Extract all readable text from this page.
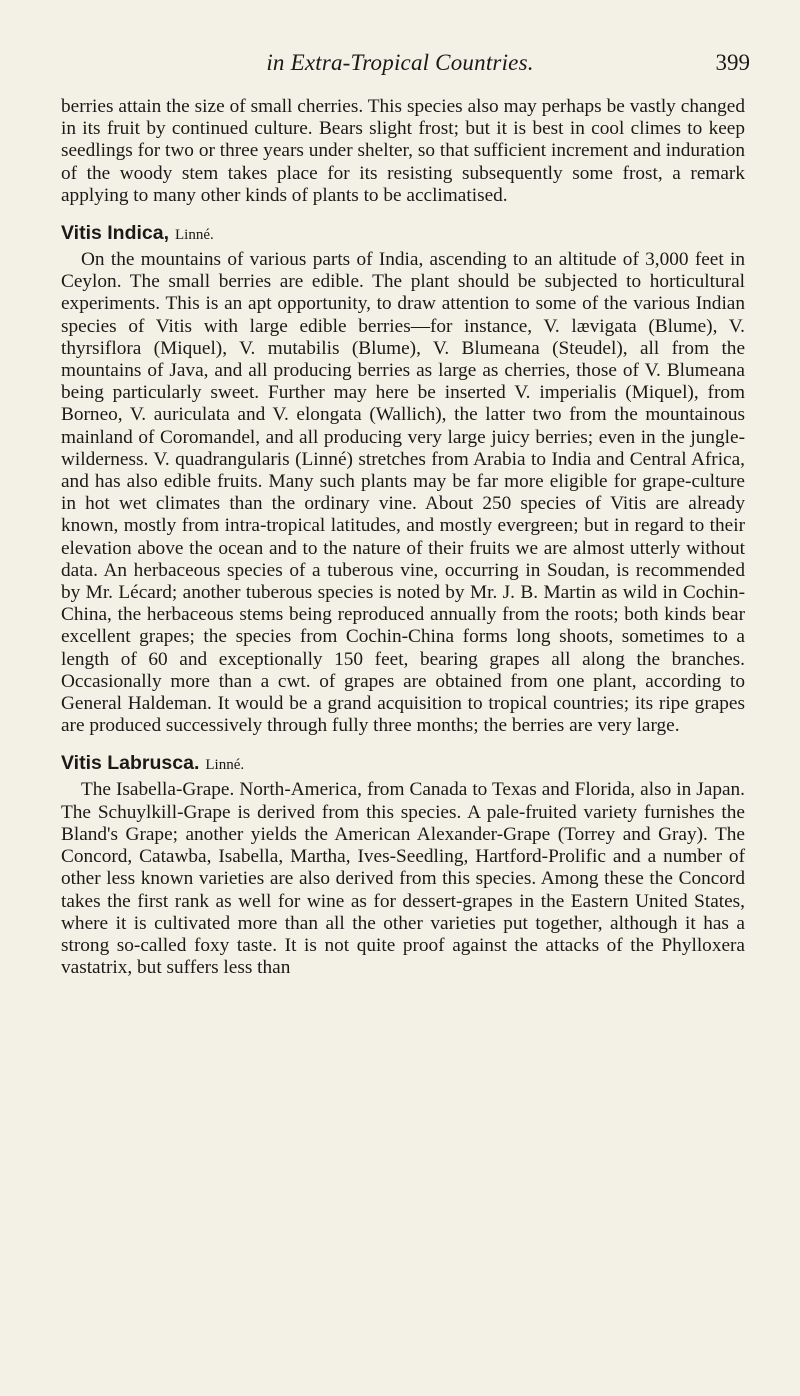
in Extra-Tropical Countries.	399

berries attain the size of small cherries. This species also may perhaps be vastly changed in its fruit by continued culture. Bears slight frost; but it is best in cool climes to keep seedlings for two or three years under shelter, so that sufficient increment and induration of the woody stem takes place for its resisting subsequently some frost, a remark applying to many other kinds of plants to be acclimatised.

Vitis Indica, Linné.

On the mountains of various parts of India, ascending to an altitude of 3,000 feet in Ceylon. The small berries are edible. The plant should be subjected to horticultural experiments. This is an apt opportunity, to draw attention to some of the various Indian species of Vitis with large edible berries—for instance, V. lævigata (Blume), V. thyrsiflora (Miquel), V. mutabilis (Blume), V. Blumeana (Steudel), all from the mountains of Java, and all producing berries as large as cherries, those of V. Blumeana being particularly sweet. Further may here be inserted V. imperialis (Miquel), from Borneo, V. auriculata and V. elongata (Wallich), the latter two from the mountainous mainland of Coromandel, and all producing very large juicy berries; even in the jungle-wilderness. V. quadrangularis (Linné) stretches from Arabia to India and Central Africa, and has also edible fruits. Many such plants may be far more eligible for grape-culture in hot wet climates than the ordinary vine. About 250 species of Vitis are already known, mostly from intra-tropical latitudes, and mostly evergreen; but in regard to their elevation above the ocean and to the nature of their fruits we are almost utterly without data. An herbaceous species of a tuberous vine, occurring in Soudan, is recommended by Mr. Lécard; another tuberous species is noted by Mr. J. B. Martin as wild in Cochin-China, the herbaceous stems being reproduced annually from the roots; both kinds bear excellent grapes; the species from Cochin-China forms long shoots, sometimes to a length of 60 and exceptionally 150 feet, bearing grapes all along the branches. Occasionally more than a cwt. of grapes are obtained from one plant, according to General Haldeman. It would be a grand acquisition to tropical countries; its ripe grapes are produced successively through fully three months; the berries are very large.

Vitis Labrusca. Linné.

The Isabella-Grape. North-America, from Canada to Texas and Florida, also in Japan. The Schuylkill-Grape is derived from this species. A pale-fruited variety furnishes the Bland's Grape; another yields the American Alexander-Grape (Torrey and Gray). The Concord, Catawba, Isabella, Martha, Ives-Seedling, Hartford-Prolific and a number of other less known varieties are also derived from this species. Among these the Concord takes the first rank as well for wine as for dessert-grapes in the Eastern United States, where it is cultivated more than all the other varieties put together, although it has a strong so-called foxy taste. It is not quite proof against the attacks of the Phylloxera vastatrix, but suffers less than
